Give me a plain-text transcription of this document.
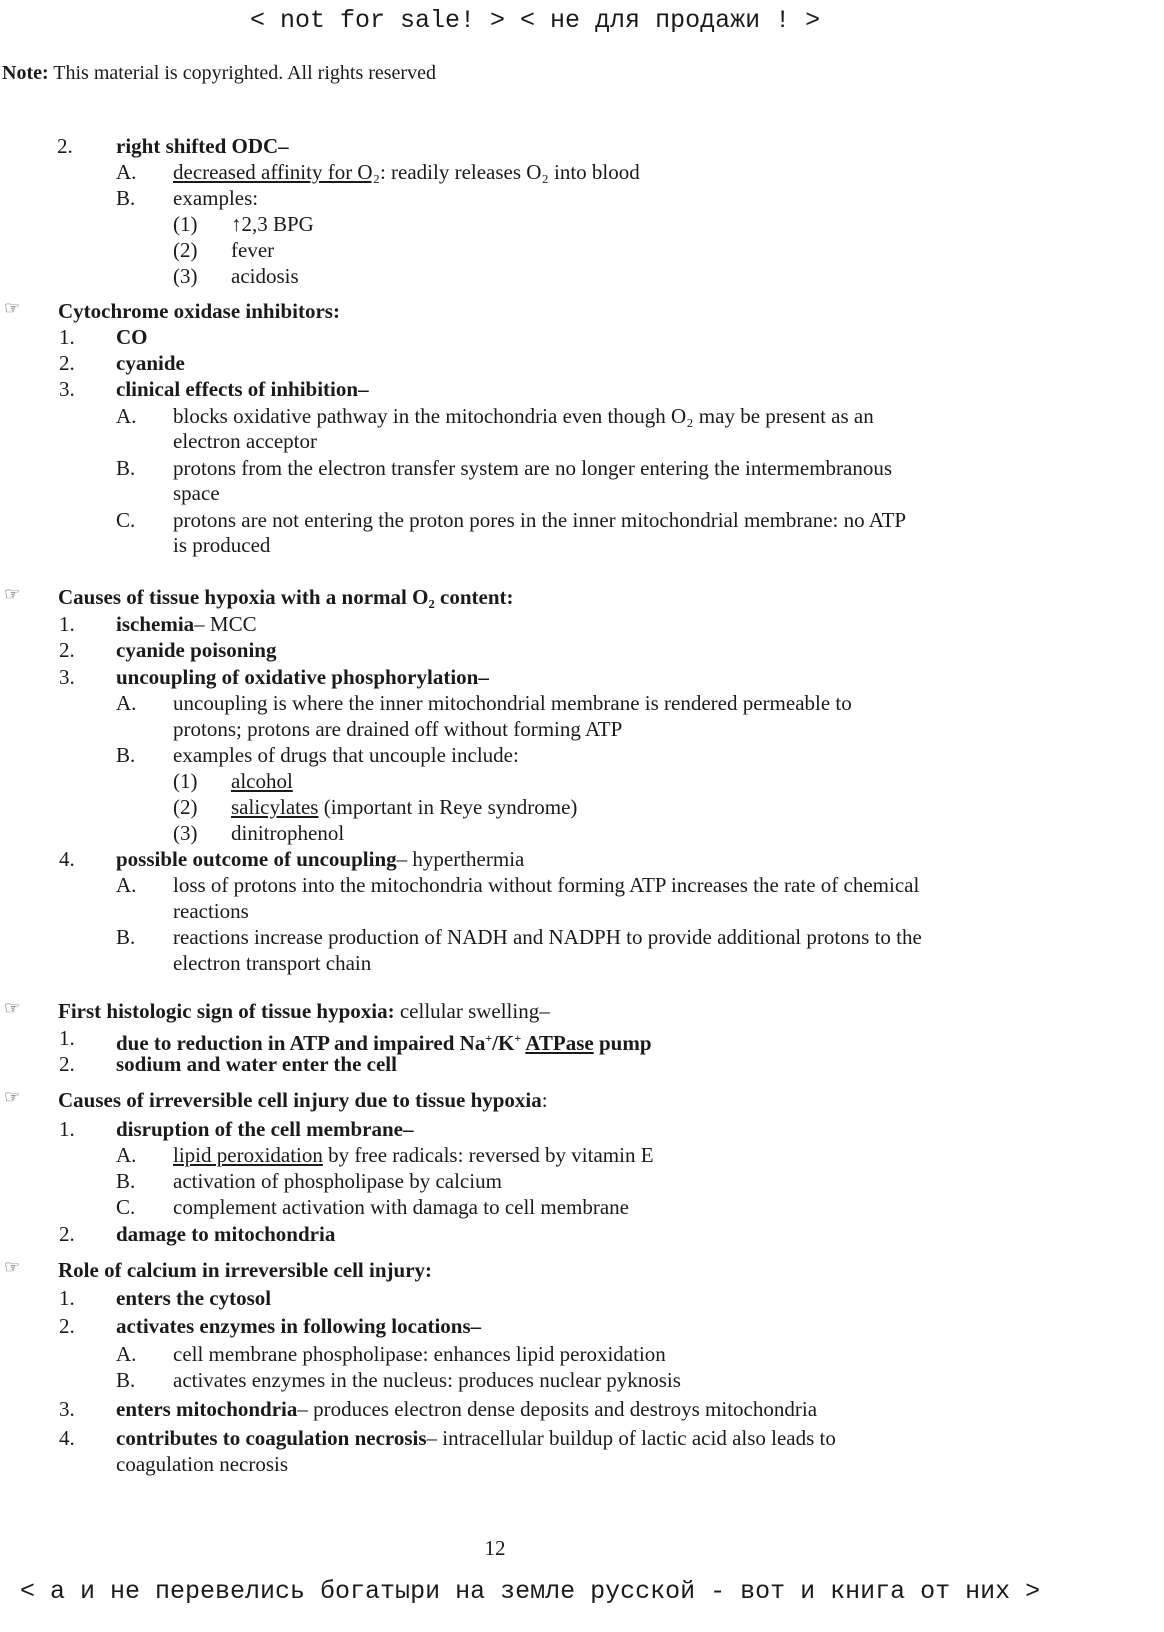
< not for sale! > < не для продажи ! >
Note: This material is copyrighted. All rights reserved
2. right shifted ODC–
A. decreased affinity for O₂: readily releases O₂ into blood
B. examples:
(1) ↑2,3 BPG
(2) fever
(3) acidosis
☞ Cytochrome oxidase inhibitors:
1. CO
2. cyanide
3. clinical effects of inhibition–
A. blocks oxidative pathway in the mitochondria even though O₂ may be present as an
electron acceptor
B. protons from the electron transfer system are no longer entering the intermembranous
space
C. protons are not entering the proton pores in the inner mitochondrial membrane: no ATP
is produced
☞ Causes of tissue hypoxia with a normal O₂ content:
1. ischemia– MCC
2. cyanide poisoning
3. uncoupling of oxidative phosphorylation–
A. uncoupling is where the inner mitochondrial membrane is rendered permeable to
protons; protons are drained off without forming ATP
B. examples of drugs that uncouple include:
(1) alcohol
(2) salicylates (important in Reye syndrome)
(3) dinitrophenol
4. possible outcome of uncoupling– hyperthermia
A. loss of protons into the mitochondria without forming ATP increases the rate of chemical
reactions
B. reactions increase production of NADH and NADPH to provide additional protons to the
electron transport chain
☞ First histologic sign of tissue hypoxia: cellular swelling–
1. due to reduction in ATP and impaired Na+/K+ ATPase pump
2. sodium and water enter the cell
☞ Causes of irreversible cell injury due to tissue hypoxia:
1. disruption of the cell membrane–
A. lipid peroxidation by free radicals: reversed by vitamin E
B. activation of phospholipase by calcium
C. complement activation with damaga to cell membrane
2. damage to mitochondria
☞ Role of calcium in irreversible cell injury:
1. enters the cytosol
2. activates enzymes in following locations–
A. cell membrane phospholipase: enhances lipid peroxidation
B. activates enzymes in the nucleus: produces nuclear pyknosis
3. enters mitochondria– produces electron dense deposits and destroys mitochondria
4. contributes to coagulation necrosis– intracellular buildup of lactic acid also leads to
coagulation necrosis
12
< а и не перевелись богатыри на земле русской - вот и книга от них >
